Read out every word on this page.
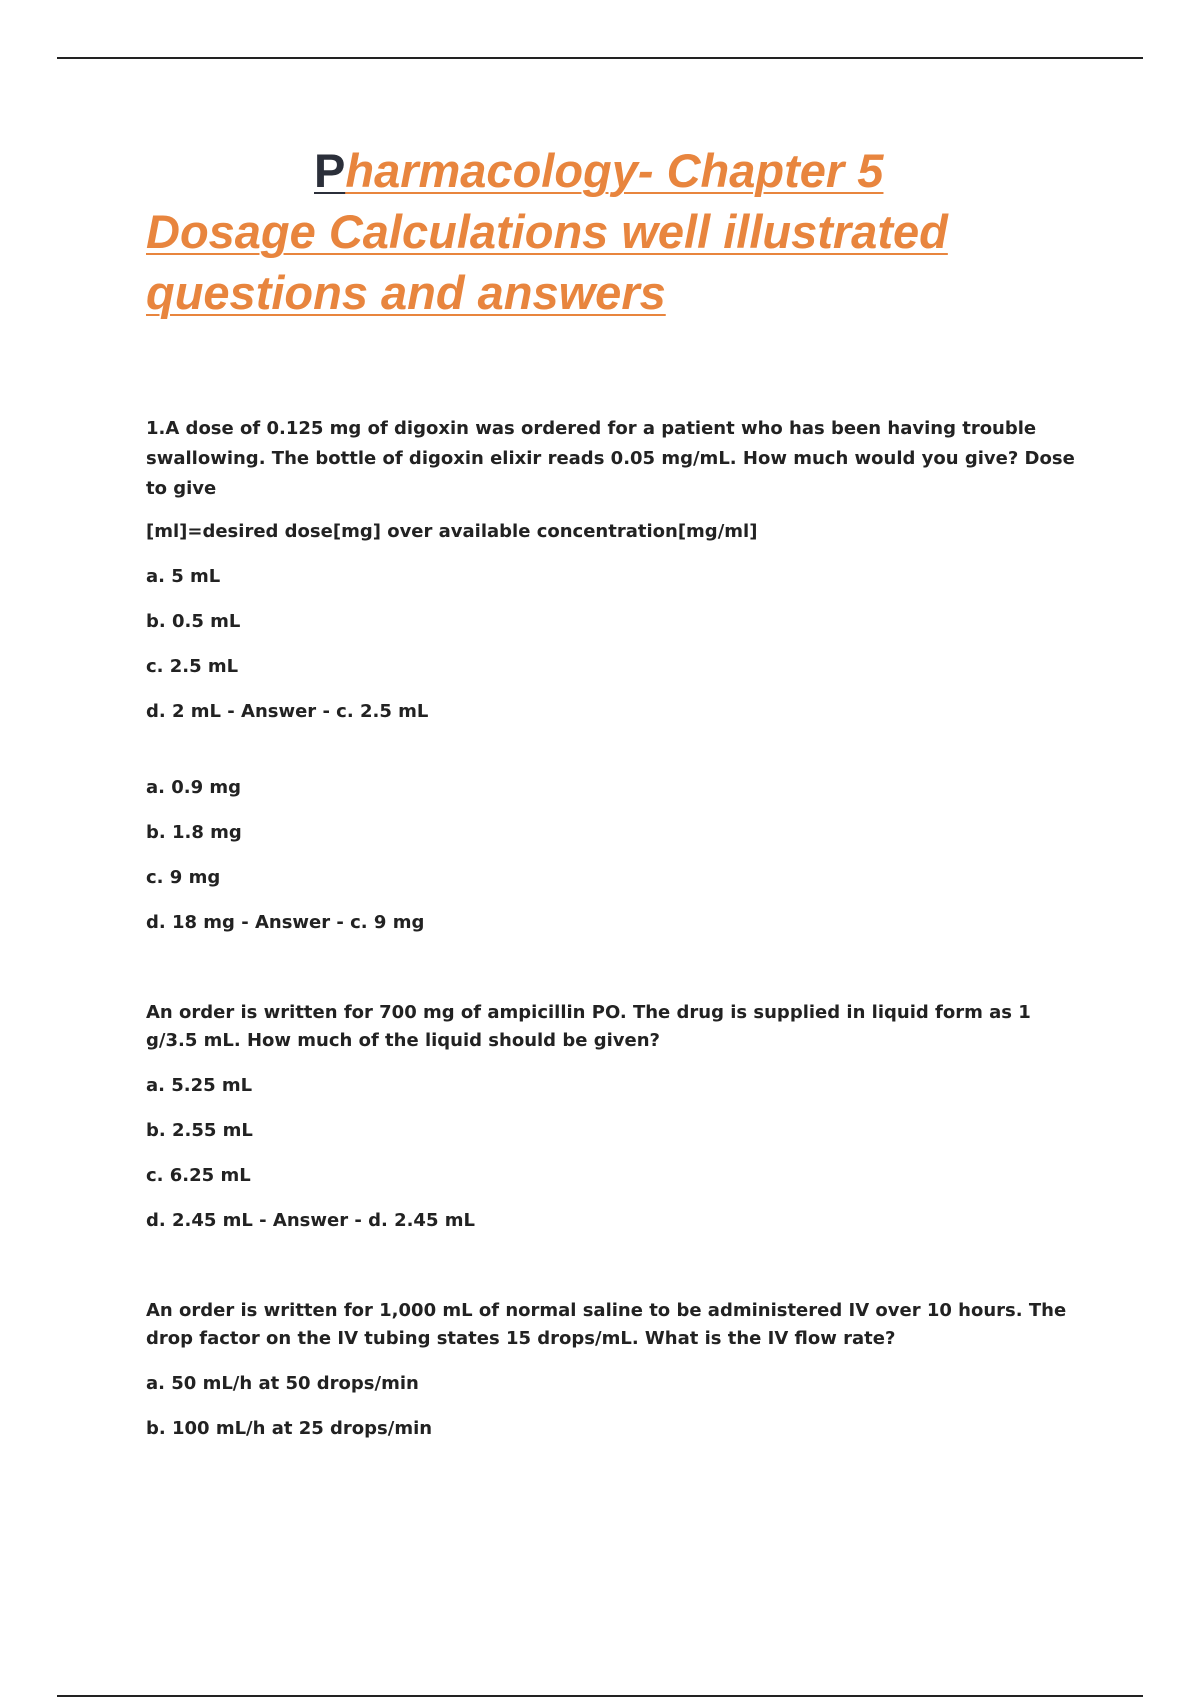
Pharmacology- Chapter 5
Dosage Calculations well illustrated
questions and answers

1.A dose of 0.125 mg of digoxin was ordered for a patient who has been having trouble swallowing. The bottle of digoxin elixir reads 0.05 mg/mL. How much would you give? Dose to give

[ml]=desired dose[mg] over available concentration[mg/ml]

a. 5 mL

b. 0.5 mL

c. 2.5 mL

d. 2 mL - Answer - c. 2.5 mL

a. 0.9 mg

b. 1.8 mg

c. 9 mg

d. 18 mg - Answer - c. 9 mg

An order is written for 700 mg of ampicillin PO. The drug is supplied in liquid form as 1 g/3.5 mL. How much of the liquid should be given?

a. 5.25 mL

b. 2.55 mL

c. 6.25 mL

d. 2.45 mL - Answer - d. 2.45 mL

An order is written for 1,000 mL of normal saline to be administered IV over 10 hours. The drop factor on the IV tubing states 15 drops/mL. What is the IV flow rate?

a. 50 mL/h at 50 drops/min

b. 100 mL/h at 25 drops/min
